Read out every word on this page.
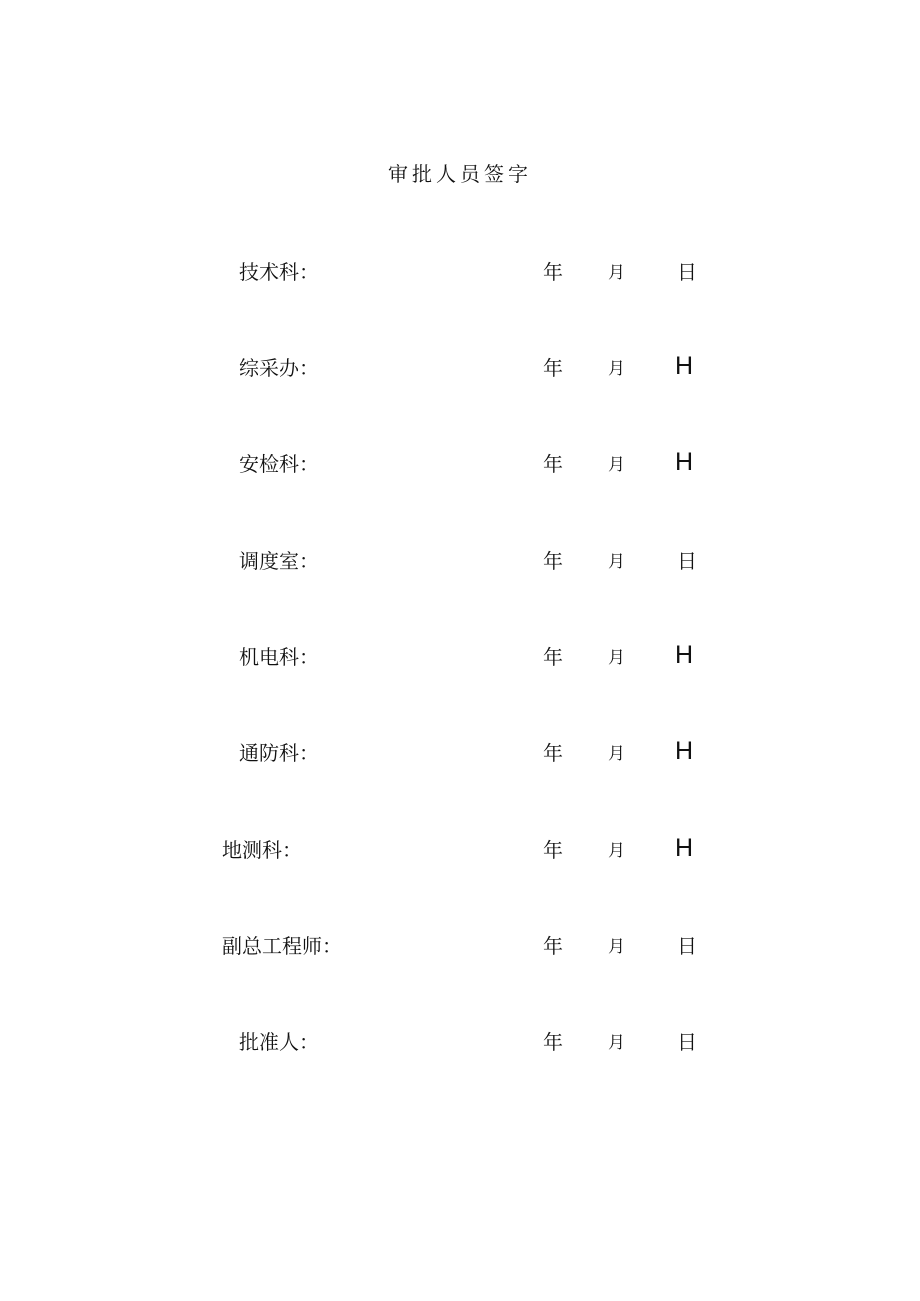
审批人员签字
技术科：	年	月	日
综采办：	年	月 H
安检科：	年	月 H
调度室：	年	月	日
机电科：	年	月 H
通防科：	年	月 H
地测科：	年	月 H
副总工程师：	年	月	日
批准人：	年	月	日
